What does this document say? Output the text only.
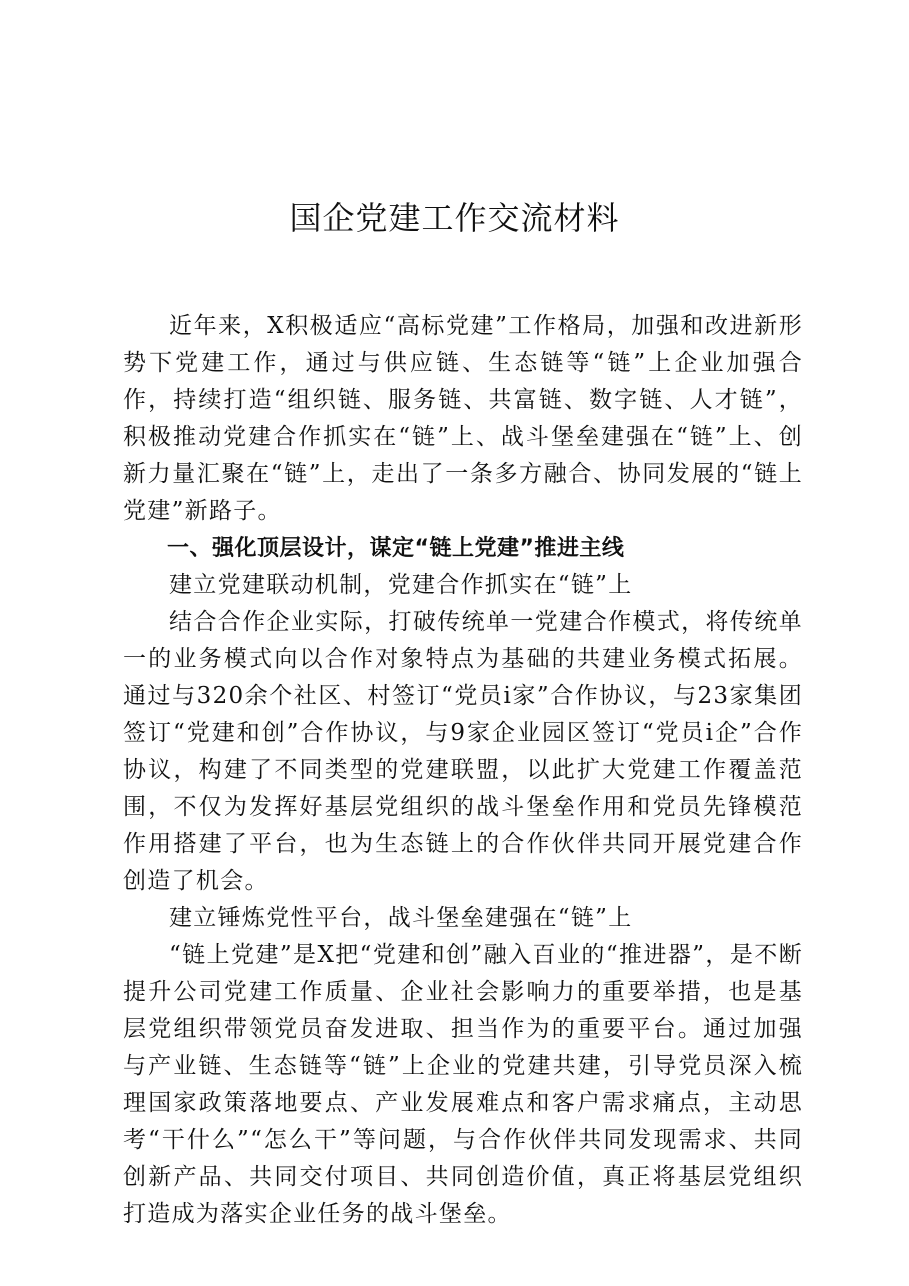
国企党建工作交流材料

近年来，X积极适应“高标党建”工作格局，加强和改进新形势下党建工作，通过与供应链、生态链等“链”上企业加强合作，持续打造“组织链、服务链、共富链、数字链、人才链”，积极推动党建合作抓实在“链”上、战斗堡垒建强在“链”上、创新力量汇聚在“链”上，走出了一条多方融合、协同发展的“链上党建”新路子。

一、强化顶层设计，谋定“链上党建”推进主线

建立党建联动机制，党建合作抓实在“链”上

结合合作企业实际，打破传统单一党建合作模式，将传统单一的业务模式向以合作对象特点为基础的共建业务模式拓展。通过与320余个社区、村签订“党员i家”合作协议，与23家集团签订“党建和创”合作协议，与9家企业园区签订“党员i企”合作协议，构建了不同类型的党建联盟，以此扩大党建工作覆盖范围，不仅为发挥好基层党组织的战斗堡垒作用和党员先锋模范作用搭建了平台，也为生态链上的合作伙伴共同开展党建合作创造了机会。

建立锤炼党性平台，战斗堡垒建强在“链”上

“链上党建”是X把“党建和创”融入百业的“推进器”，是不断提升公司党建工作质量、企业社会影响力的重要举措，也是基层党组织带领党员奋发进取、担当作为的重要平台。通过加强与产业链、生态链等“链”上企业的党建共建，引导党员深入梳理国家政策落地要点、产业发展难点和客户需求痛点，主动思考“干什么”“怎么干”等问题，与合作伙伴共同发现需求、共同创新产品、共同交付项目、共同创造价值，真正将基层党组织打造成为落实企业任务的战斗堡垒。
